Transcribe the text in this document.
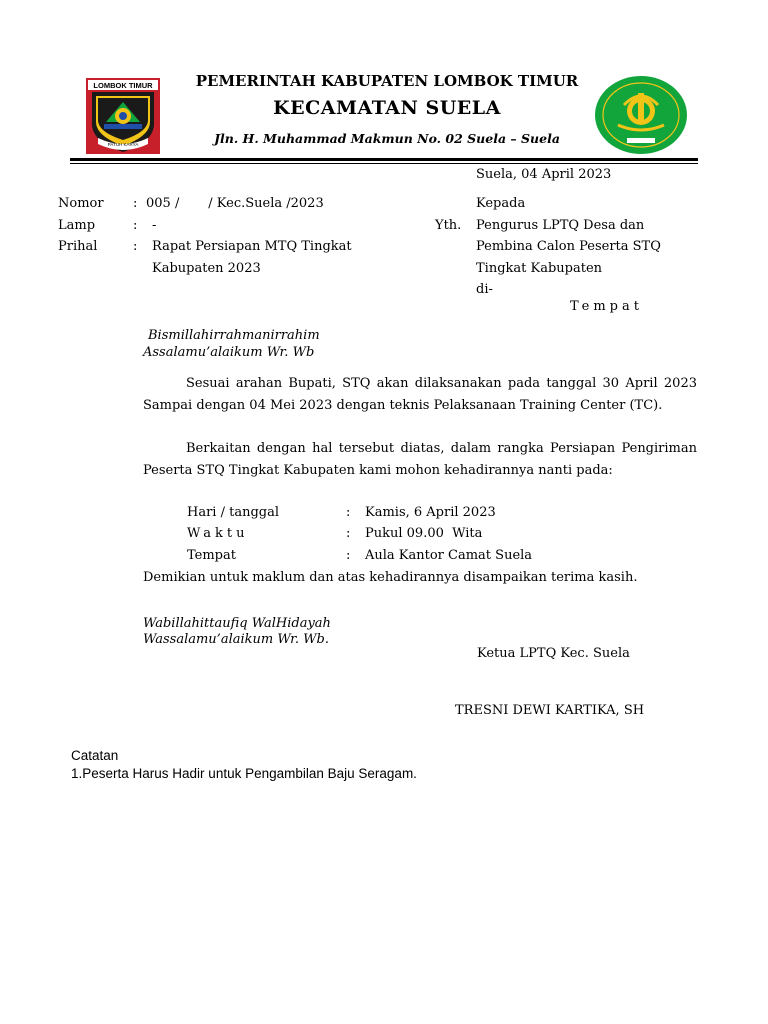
LOMBOK TIMUR
PATUH KARYA
PEMERINTAH KABUPATEN LOMBOK TIMUR
KECAMATAN SUELA
Jln. H. Muhammad Makmun No. 02 Suela – Suela
Suela, 04 April 2023
Nomor : 005 /       / Kec.Suela /2023
Lamp	: -
Prihal	: Rapat Persiapan MTQ Tingkat
Kabupaten 2023
Kepada
Yth. Pengurus LPTQ Desa dan
Pembina Calon Peserta STQ
Tingkat Kabupaten
di-
Tempat
Bismillahirrahmanirrahim
Assalamu’alaikum Wr. Wb
Sesuai arahan Bupati, STQ akan dilaksanakan pada tanggal 30 April 2023 Sampai dengan 04 Mei 2023 dengan teknis Pelaksanaan Training Center (TC).
Berkaitan dengan hal tersebut diatas, dalam rangka Persiapan Pengiriman Peserta STQ Tingkat Kabupaten kami mohon kehadirannya nanti pada:
Hari / tanggal	: Kamis, 6 April 2023
Waktu	: Pukul 09.00  Wita
Tempat	: Aula Kantor Camat Suela
Demikian untuk maklum dan atas kehadirannya disampaikan terima kasih.
Wabillahittaufiq WalHidayah
Wassalamu’alaikum Wr. Wb.
Ketua LPTQ Kec. Suela
TRESNI DEWI KARTIKA, SH
Catatan
1.Peserta Harus Hadir untuk Pengambilan Baju Seragam.
